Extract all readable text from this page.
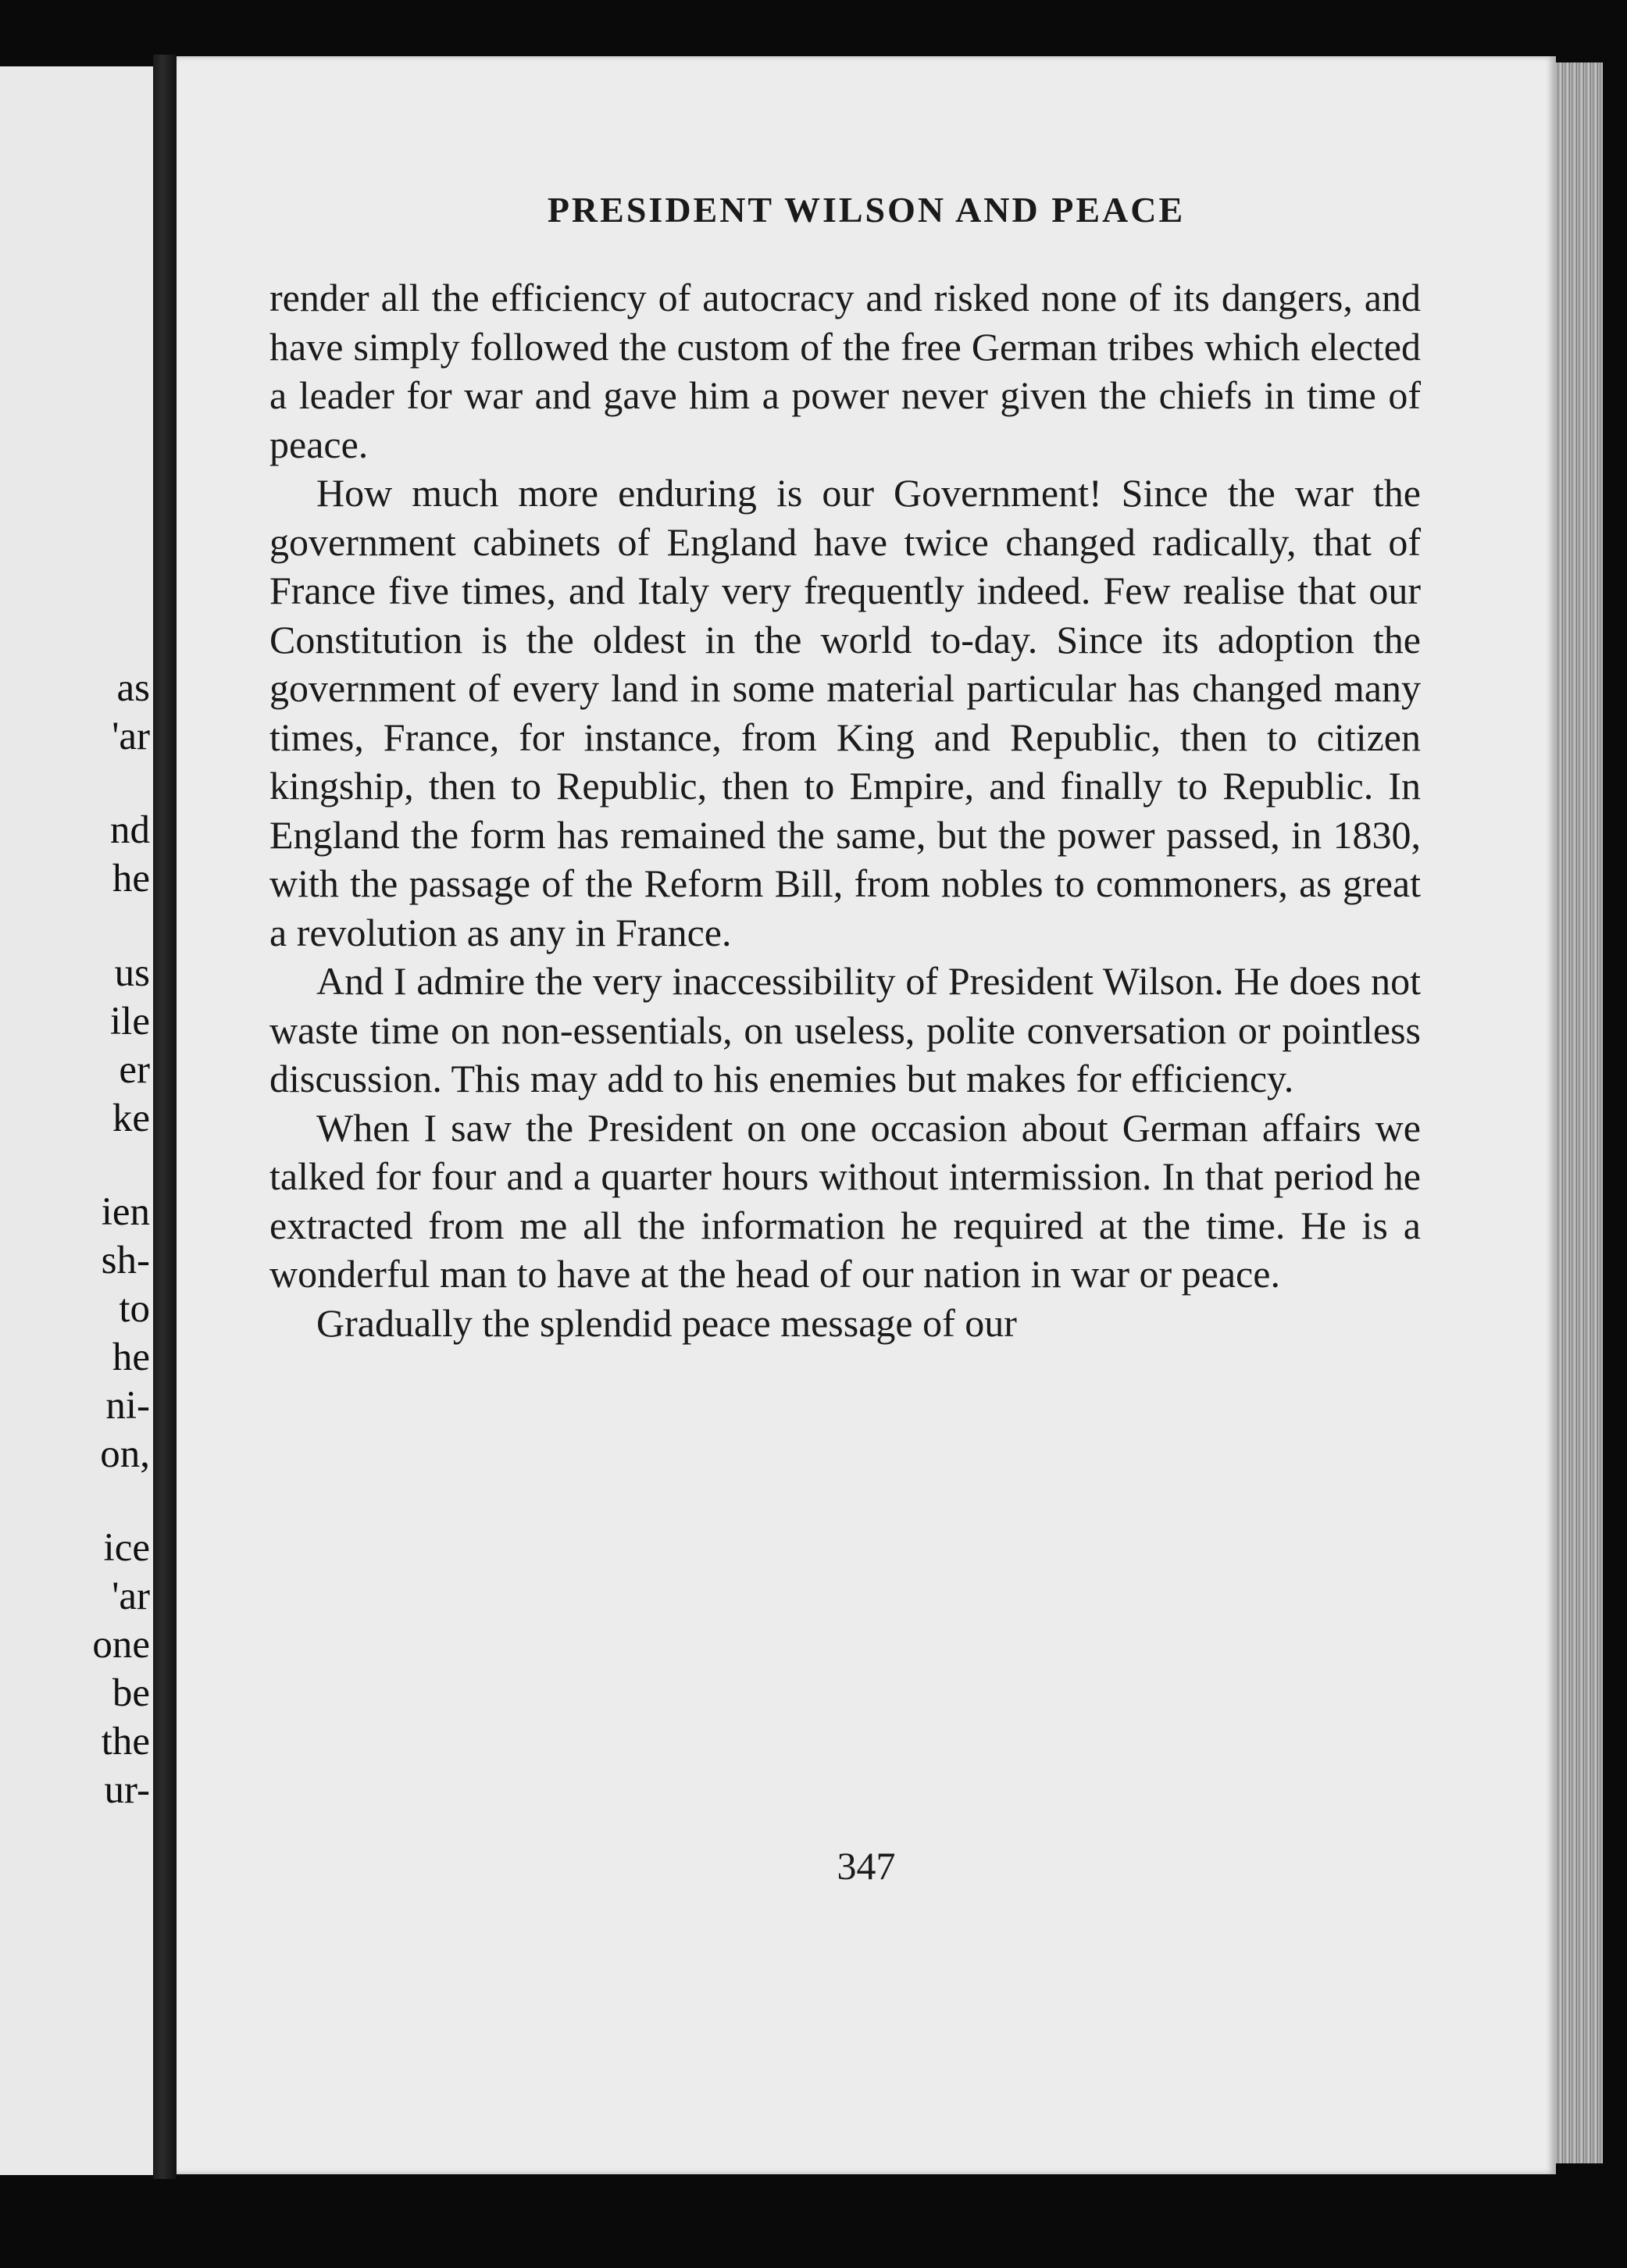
as
'ar
nd
he
us
ile
er
ke
ien
sh-
to
he
ni-
on,
ice
'ar
one
be
the
ur-
PRESIDENT WILSON AND PEACE

render all the efficiency of autocracy and risked none of its dangers, and have simply followed the custom of the free German tribes which elected a leader for war and gave him a power never given the chiefs in time of peace.

How much more enduring is our Government! Since the war the government cabinets of England have twice changed radically, that of France five times, and Italy very frequently indeed. Few realise that our Constitution is the oldest in the world to-day. Since its adoption the government of every land in some material particular has changed many times, France, for instance, from King and Republic, then to citizen kingship, then to Republic, then to Empire, and finally to Republic. In England the form has remained the same, but the power passed, in 1830, with the passage of the Reform Bill, from nobles to commoners, as great a revolution as any in France.

And I admire the very inaccessibility of President Wilson. He does not waste time on non-essentials, on useless, polite conversation or pointless discussion. This may add to his enemies but makes for efficiency.

When I saw the President on one occasion about German affairs we talked for four and a quarter hours without intermission. In that period he extracted from me all the information he required at the time. He is a wonderful man to have at the head of our nation in war or peace.

Gradually the splendid peace message of our

347
